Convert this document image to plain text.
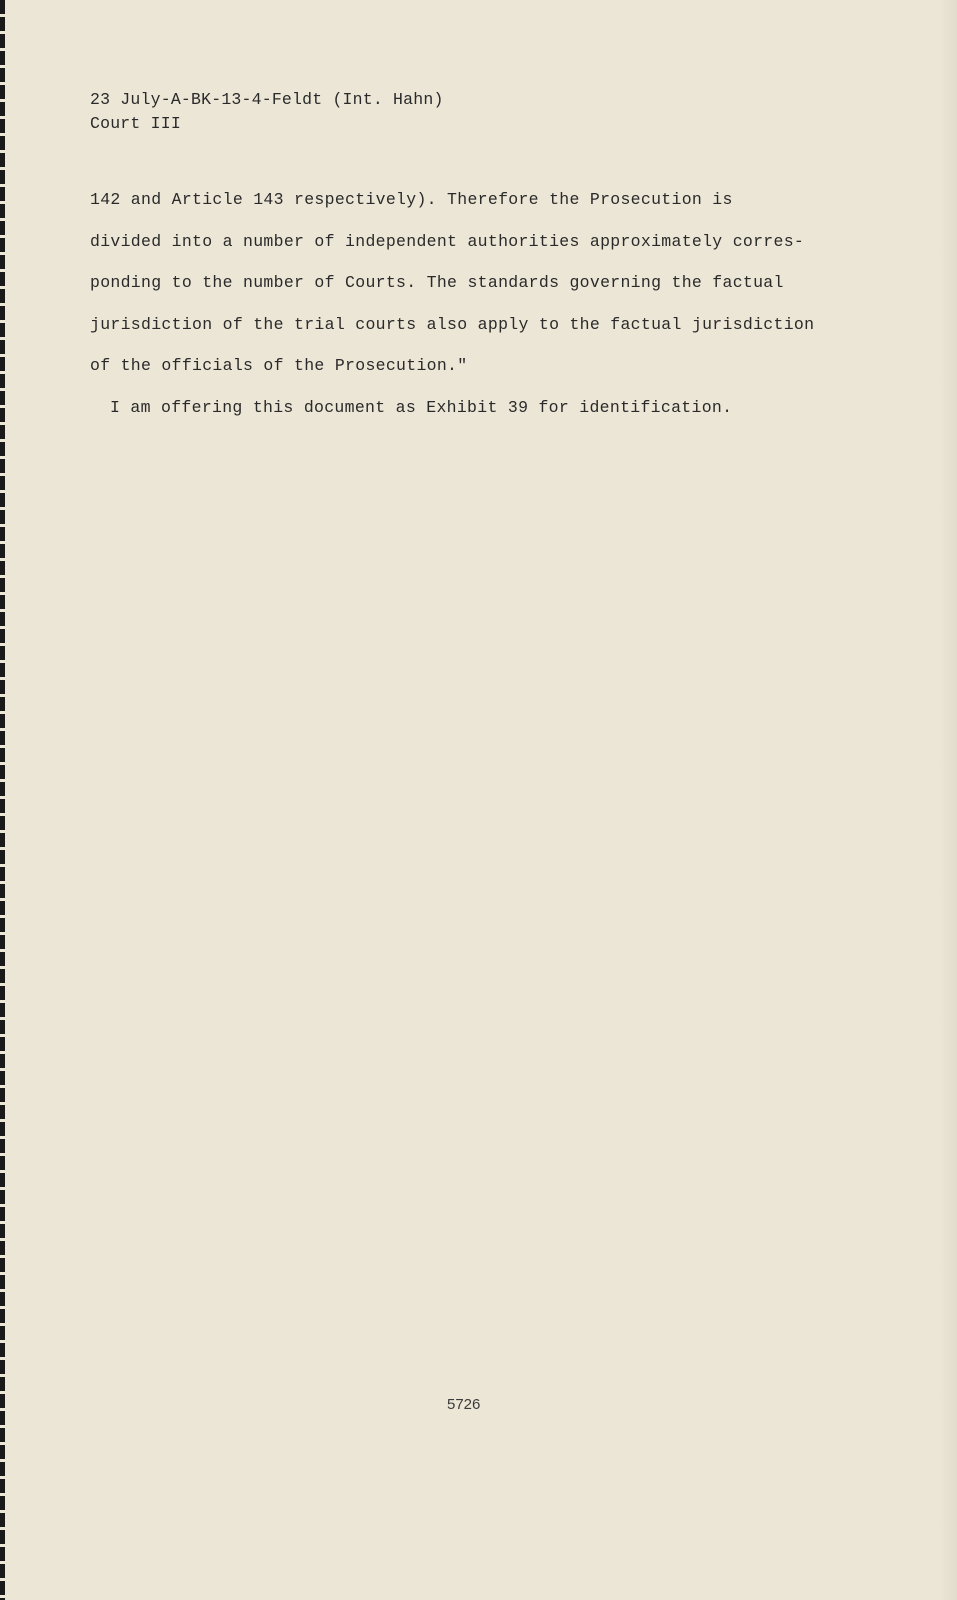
23 July-A-BK-13-4-Feldt (Int. Hahn)
Court III
142 and Article 143 respectively). Therefore the Prosecution is
divided into a number of independent authorities approximately corres-
ponding to the number of Courts. The standards governing the factual
jurisdiction of the trial courts also apply to the factual jurisdiction
of the officials of the Prosecution."
I am offering this document as Exhibit 39 for identification.
5726
